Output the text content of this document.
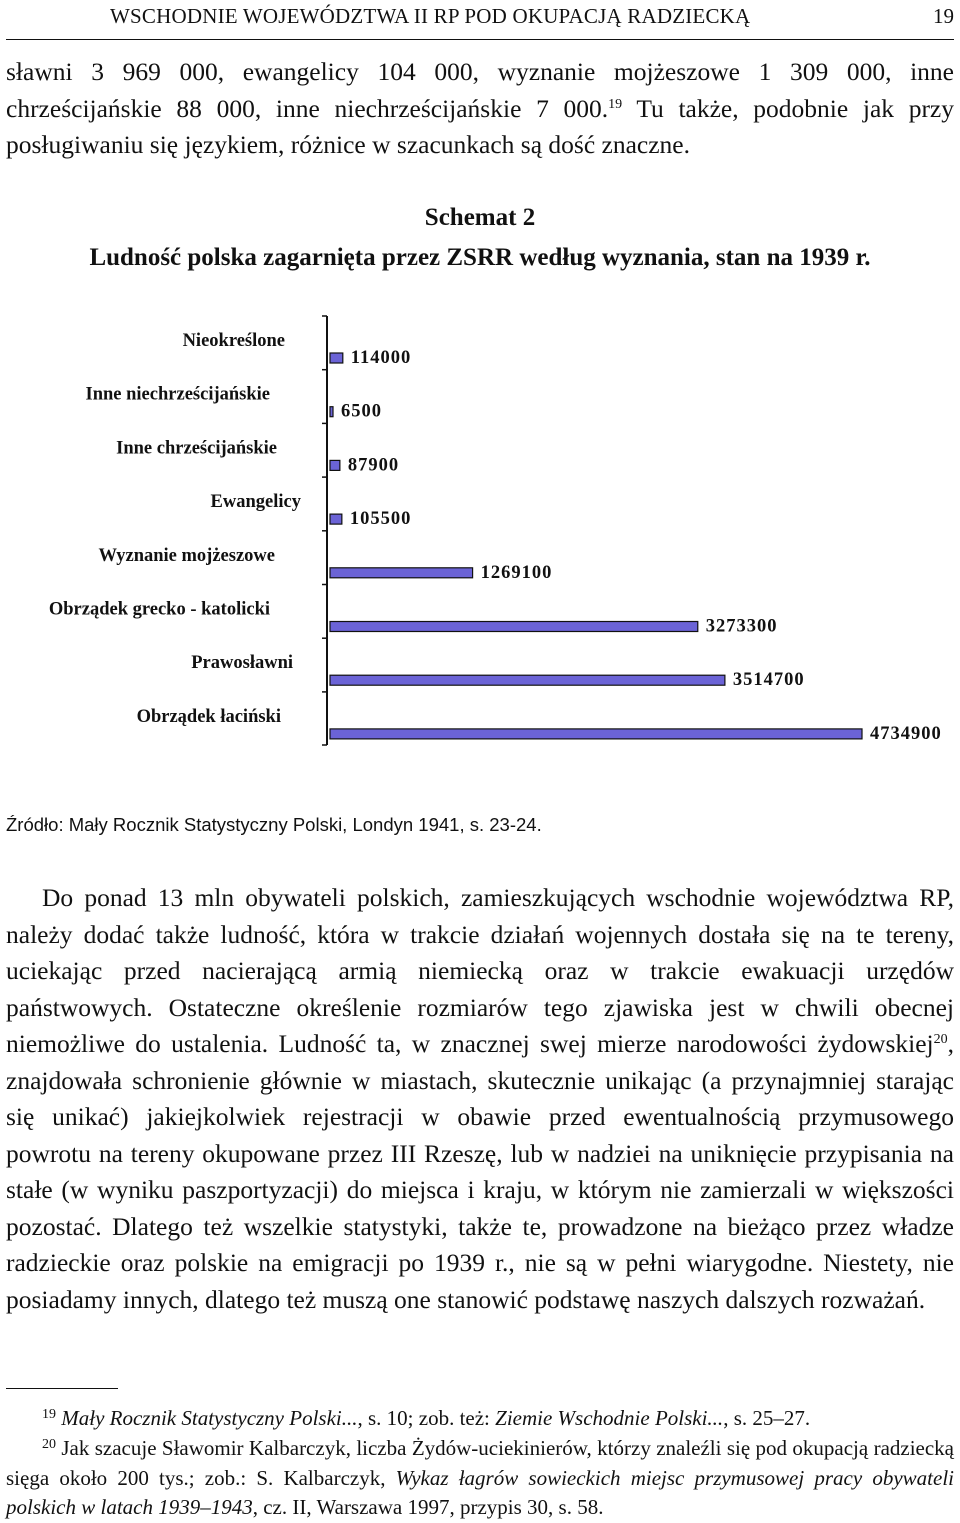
WSCHODNIE WOJEWÓDZTWA II RP POD OKUPACJĄ RADZIECKĄ	19
sławni 3 969 000, ewangelicy 104 000, wyznanie mojżeszowe 1 309 000, inne chrześcijańskie 88 000, inne niechrześcijańskie 7 000.19 Tu także, podobnie jak przy posługiwaniu się językiem, różnice w szacunkach są dość znaczne.
Schemat 2
Ludność polska zagarnięta przez ZSRR według wyznania, stan na 1939 r.
Nieokreślone
114000
Inne niechrześcijańskie
6500
Inne chrześcijańskie
87900
Ewangelicy
105500
Wyznanie mojżeszowe
1269100
Obrządek grecko - katolicki
3273300
Prawosławni
3514700
Obrządek łaciński
4734900
Źródło: Mały Rocznik Statystyczny Polski, Londyn 1941, s. 23-24.
Do ponad 13 mln obywateli polskich, zamieszkujących wschodnie województwa RP, należy dodać także ludność, która w trakcie działań wojennych dostała się na te tereny, uciekając przed nacierającą armią niemiecką oraz w trakcie ewakuacji urzędów państwowych. Ostateczne określenie rozmiarów tego zjawiska jest w chwili obecnej niemożliwe do ustalenia. Ludność ta, w znacznej swej mierze narodowości żydowskiej$^{20}$, znajdowała schronienie głównie w miastach, skutecznie unikając (a przynajmniej starając się unikać) jakiejkolwiek rejestracji w obawie przed ewentualnością przymusowego powrotu na tereny okupowane przez III Rzeszę, lub w nadziei na uniknięcie przypisania na stałe (w wyniku paszportyzacji) do miejsca i kraju, w którym nie zamierzali w większości pozostać. Dlatego też wszelkie statystyki, także te, prowadzone na bieżąco przez władze radzieckie oraz polskie na emigracji po 1939 r., nie są w pełni wiarygodne. Niestety, nie posiadamy innych, dlatego też muszą one stanowić podstawę naszych dalszych rozważań.
$^{19}$ Mały Rocznik Statystyczny Polski..., s. 10; zob. też: Ziemie Wschodnie Polski..., s. 25–27.
$^{20}$ Jak szacuje Sławomir Kalbarczyk, liczba Żydów-uciekinierów, którzy znaleźli się pod okupacją radziecką sięga około 200 tys.; zob.: S. Kalbarczyk, Wykaz łagrów sowieckich miejsc przymusowej pracy obywateli polskich w latach 1939–1943, cz. II, Warszawa 1997, przypis 30, s. 58.
